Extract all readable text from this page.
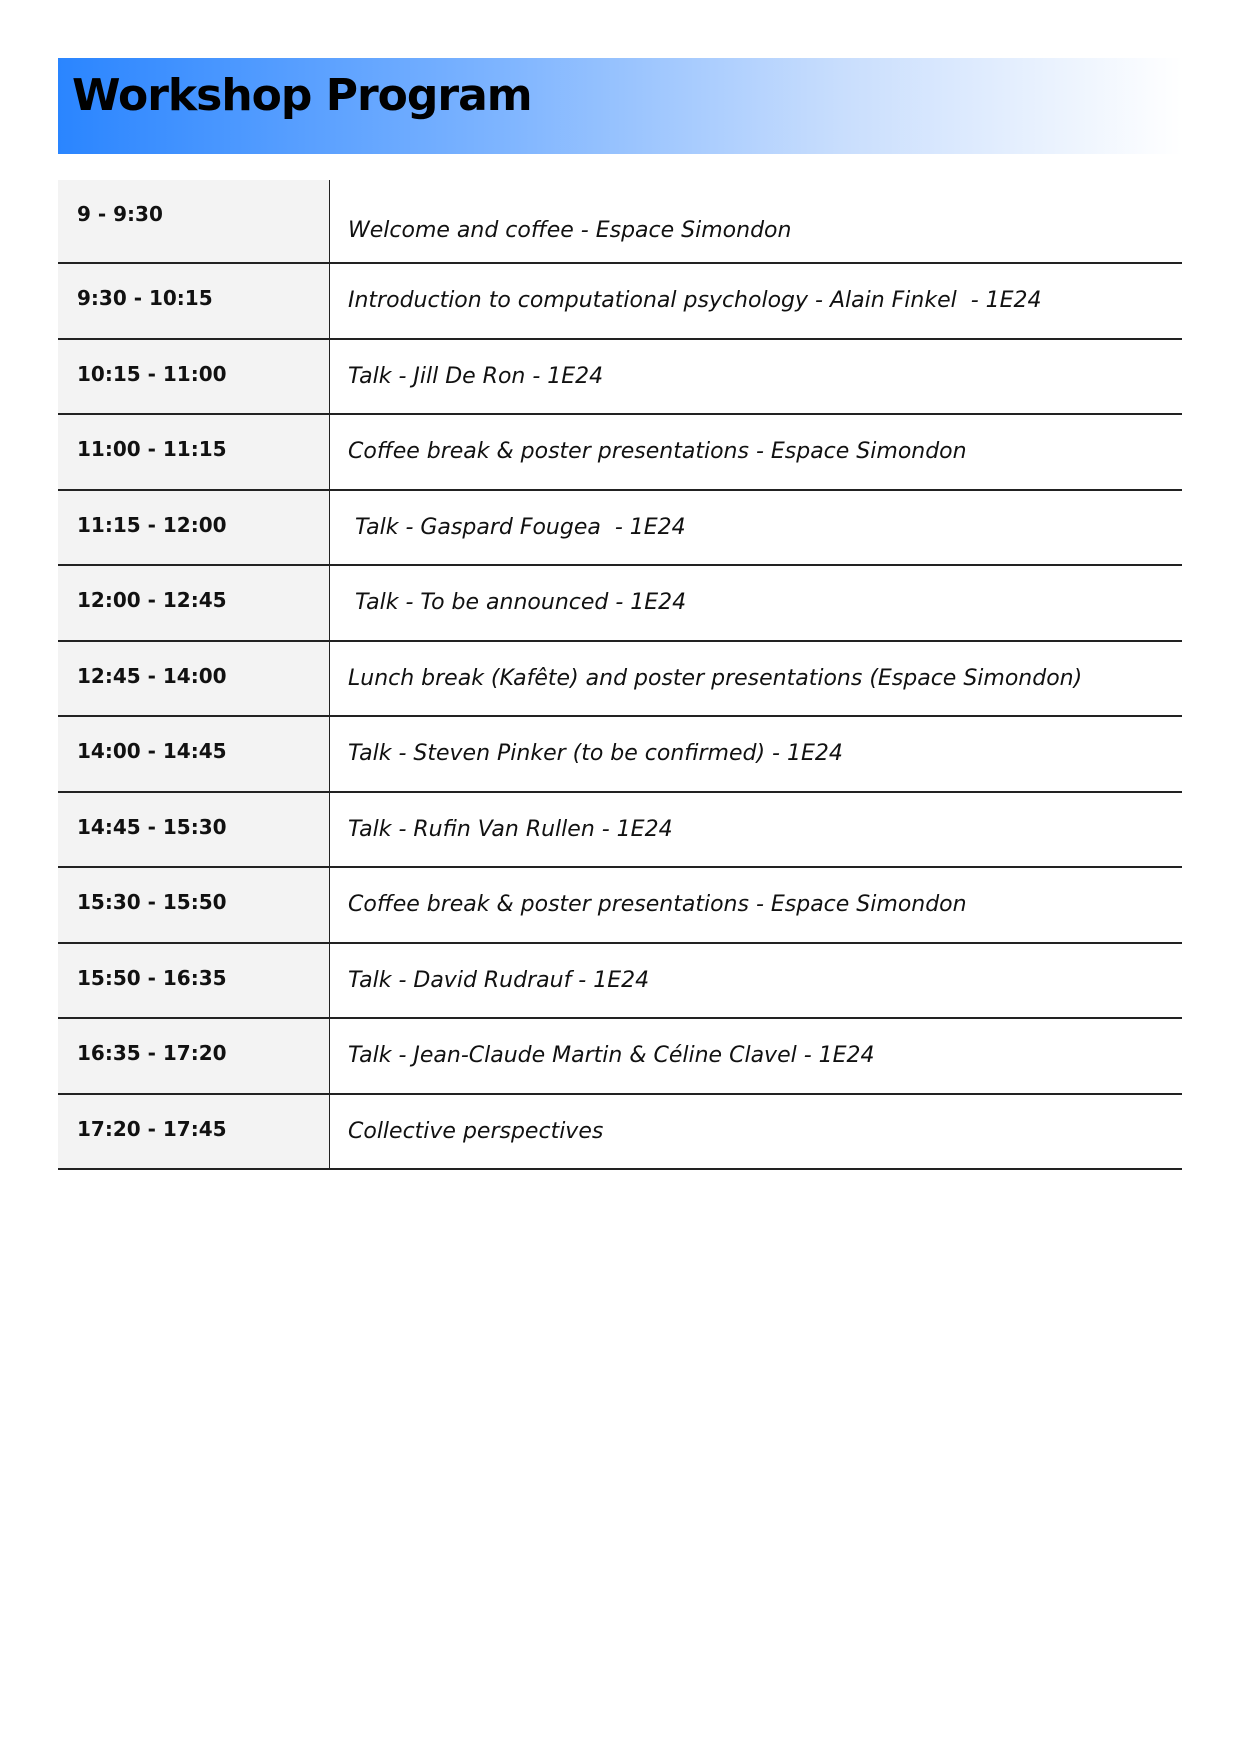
Workshop Program
9 - 9:30	Welcome and coffee - Espace Simondon
9:30 - 10:15	Introduction to computational psychology - Alain Finkel  - 1E24
10:15 - 11:00	Talk - Jill De Ron - 1E24
11:00 - 11:15	Coffee break & poster presentations - Espace Simondon
11:15 - 12:00	Talk - Gaspard Fougea  - 1E24
12:00 - 12:45	Talk - To be announced - 1E24
12:45 - 14:00	Lunch break (Kafête) and poster presentations (Espace Simondon)
14:00 - 14:45	Talk - Steven Pinker (to be confirmed) - 1E24
14:45 - 15:30	Talk - Rufin Van Rullen - 1E24
15:30 - 15:50	Coffee break & poster presentations - Espace Simondon
15:50 - 16:35	Talk - David Rudrauf - 1E24
16:35 - 17:20	Talk - Jean-Claude Martin & Céline Clavel - 1E24
17:20 - 17:45	Collective perspectives
